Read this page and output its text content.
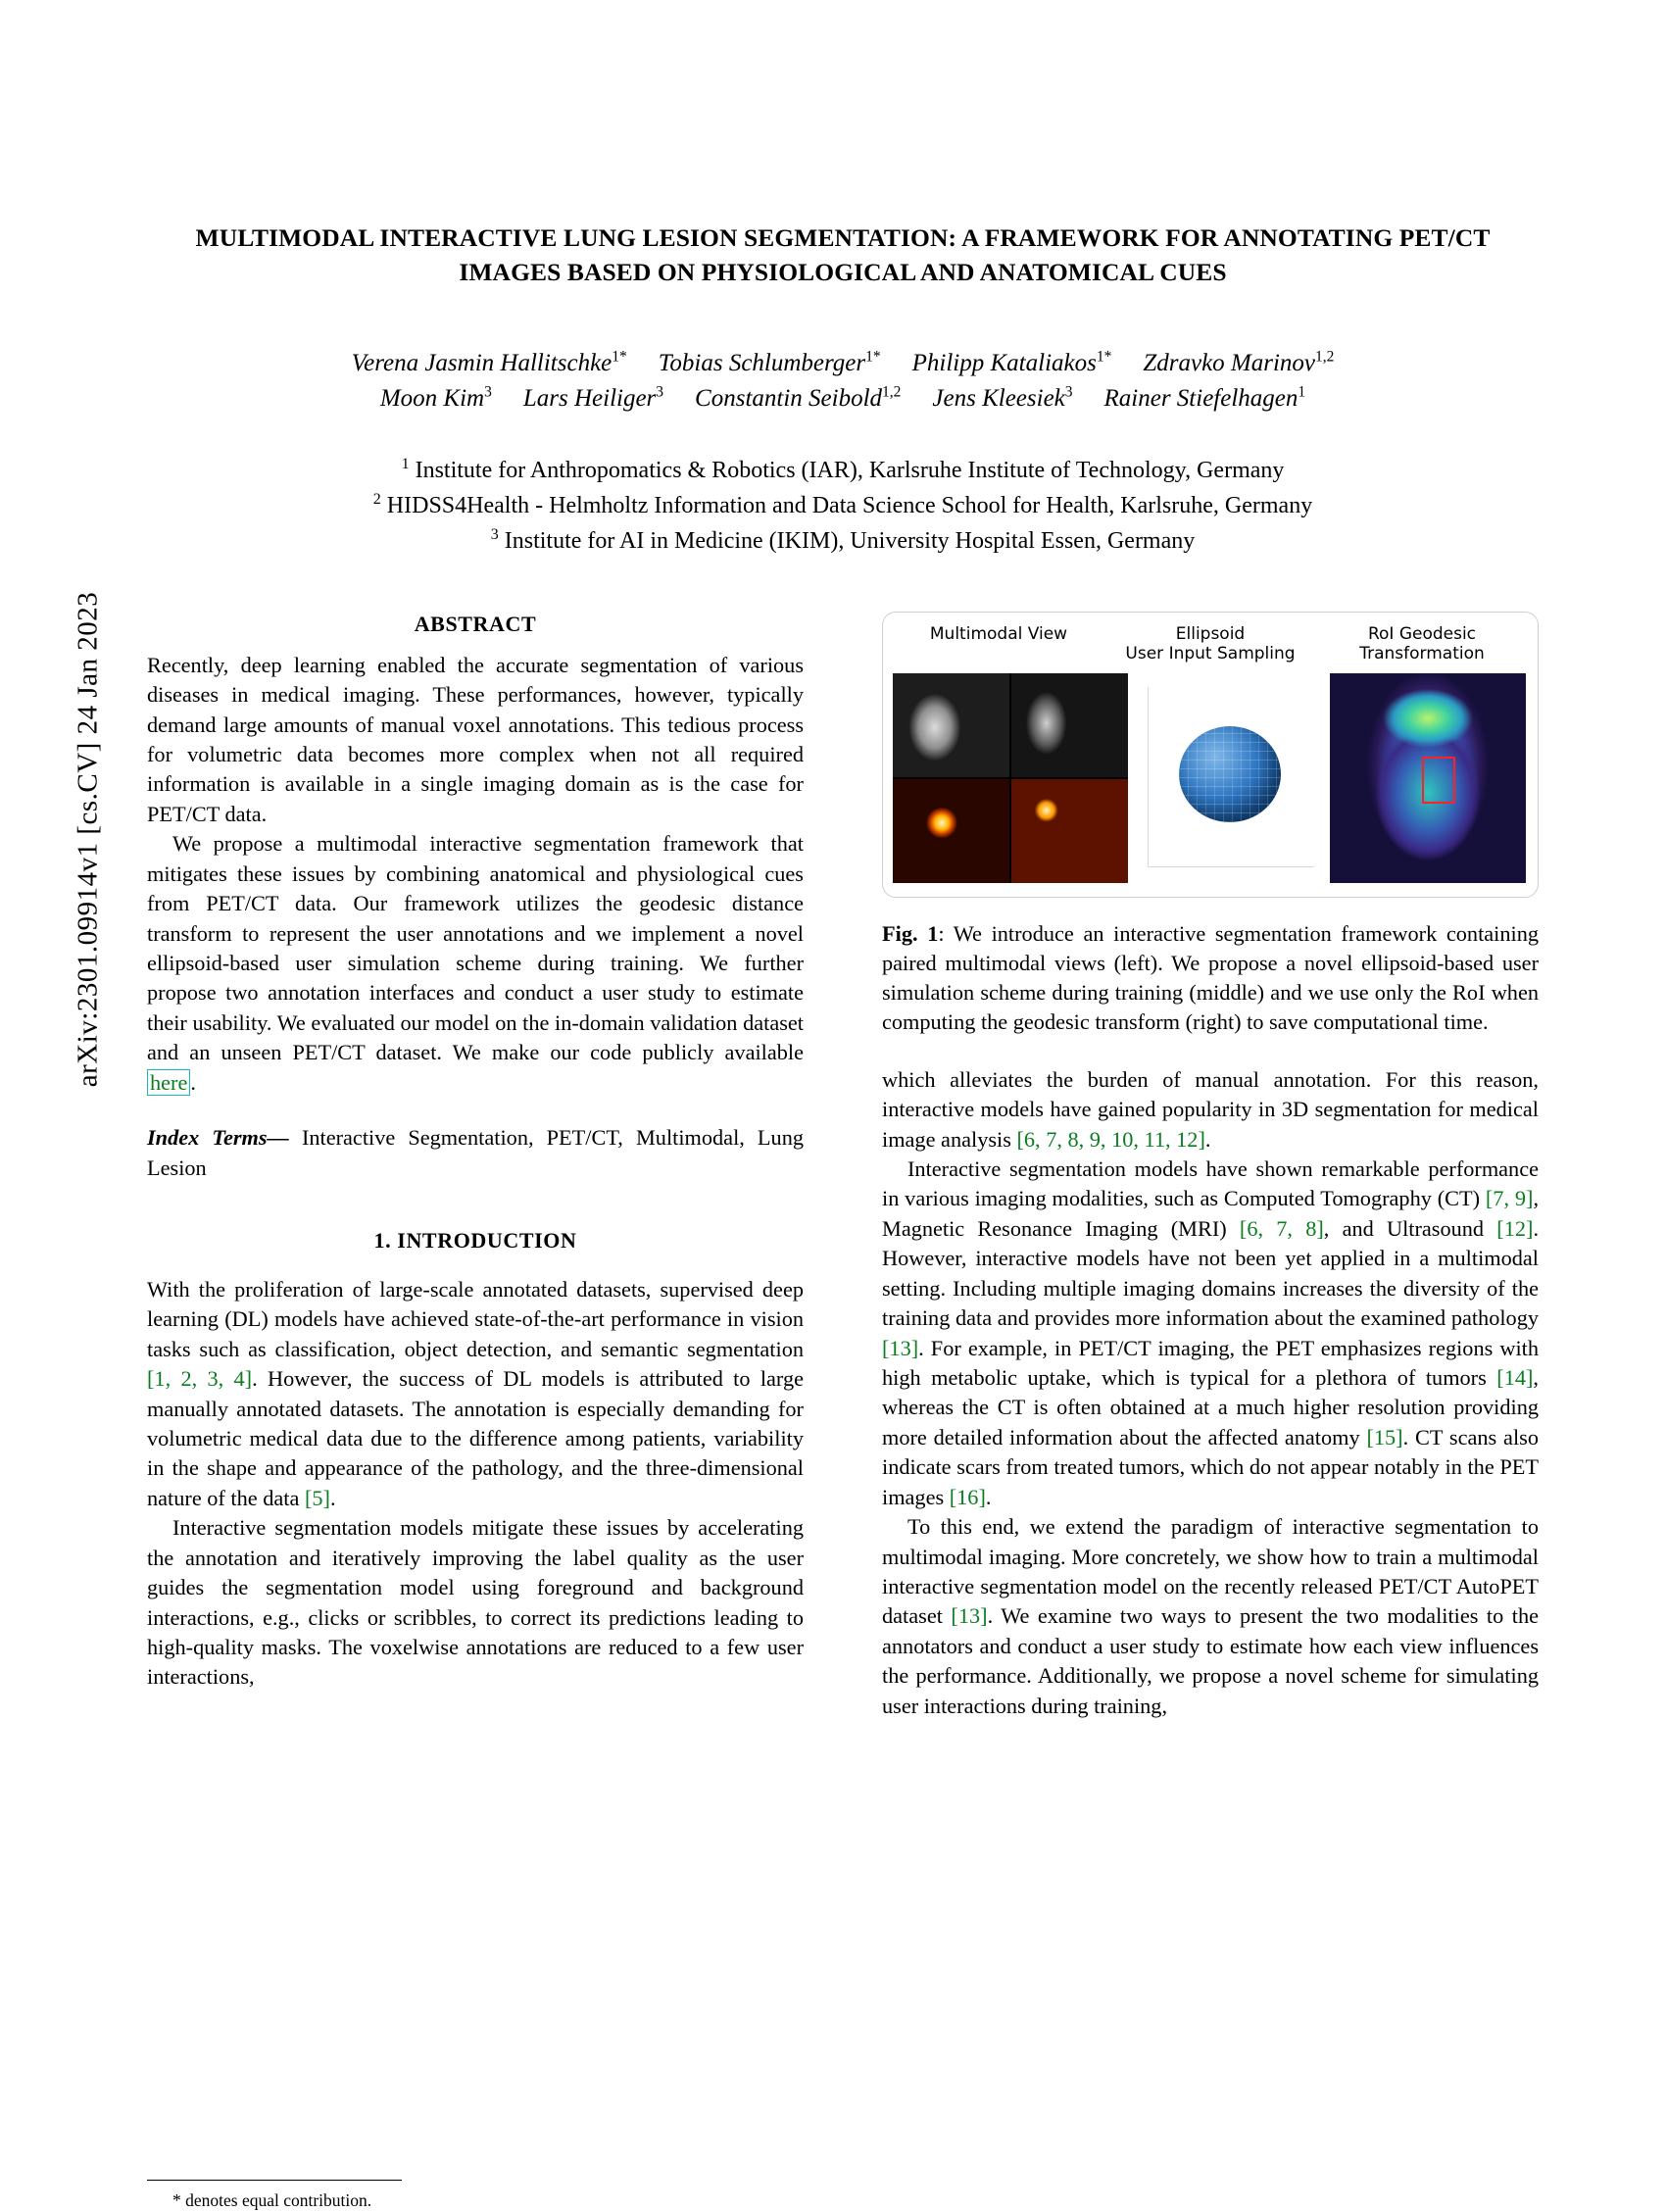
arXiv:2301.09914v1 [cs.CV] 24 Jan 2023
MULTIMODAL INTERACTIVE LUNG LESION SEGMENTATION: A FRAMEWORK FOR ANNOTATING PET/CT IMAGES BASED ON PHYSIOLOGICAL AND ANATOMICAL CUES
Verena Jasmin Hallitschke$^{1*}$ Tobias Schlumberger$^{1*}$ Philipp Kataliakos$^{1*}$ Zdravko Marinov$^{1,2}$
Moon Kim$^3$ Lars Heiliger$^3$ Constantin Seibold$^{1,2}$ Jens Kleesiek$^3$ Rainer Stiefelhagen$^1$
$^1$ Institute for Anthropomatics & Robotics (IAR), Karlsruhe Institute of Technology, Germany
$^2$ HIDSS4Health - Helmholtz Information and Data Science School for Health, Karlsruhe, Germany
$^3$ Institute for AI in Medicine (IKIM), University Hospital Essen, Germany
ABSTRACT

Recently, deep learning enabled the accurate segmentation of various diseases in medical imaging. These performances, however, typically demand large amounts of manual voxel annotations. This tedious process for volumetric data becomes more complex when not all required information is available in a single imaging domain as is the case for PET/CT data.

We propose a multimodal interactive segmentation framework that mitigates these issues by combining anatomical and physiological cues from PET/CT data. Our framework utilizes the geodesic distance transform to represent the user annotations and we implement a novel ellipsoid-based user simulation scheme during training. We further propose two annotation interfaces and conduct a user study to estimate their usability. We evaluated our model on the in-domain validation dataset and an unseen PET/CT dataset. We make our code publicly available here .

Index Terms— Interactive Segmentation, PET/CT, Multimodal, Lung Lesion

1. INTRODUCTION

With the proliferation of large-scale annotated datasets, supervised deep learning (DL) models have achieved state-of-the-art performance in vision tasks such as classification, object detection, and semantic segmentation [1, 2, 3, 4]. However, the success of DL models is attributed to large manually annotated datasets. The annotation is especially demanding for volumetric medical data due to the difference among patients, variability in the shape and appearance of the pathology, and the three-dimensional nature of the data [5].

Interactive segmentation models mitigate these issues by accelerating the annotation and iteratively improving the label quality as the user guides the segmentation model using foreground and background interactions, e.g., clicks or scribbles, to correct its predictions leading to high-quality masks. The voxelwise annotations are reduced to a few user interactions,

* denotes equal contribution.
Multimodal View	Ellipsoid
User Input Sampling
RoI Geodesic
Transformation

Fig. 1: We introduce an interactive segmentation framework containing paired multimodal views (left). We propose a novel ellipsoid-based user simulation scheme during training (middle) and we use only the RoI when computing the geodesic transform (right) to save computational time.

which alleviates the burden of manual annotation. For this reason, interactive models have gained popularity in 3D segmentation for medical image analysis [6, 7, 8, 9, 10, 11, 12].

Interactive segmentation models have shown remarkable performance in various imaging modalities, such as Computed Tomography (CT) [7, 9], Magnetic Resonance Imaging (MRI) [6, 7, 8], and Ultrasound [12]. However, interactive models have not been yet applied in a multimodal setting. Including multiple imaging domains increases the diversity of the training data and provides more information about the examined pathology [13]. For example, in PET/CT imaging, the PET emphasizes regions with high metabolic uptake, which is typical for a plethora of tumors [14], whereas the CT is often obtained at a much higher resolution providing more detailed information about the affected anatomy [15]. CT scans also indicate scars from treated tumors, which do not appear notably in the PET images [16].

To this end, we extend the paradigm of interactive segmentation to multimodal imaging. More concretely, we show how to train a multimodal interactive segmentation model on the recently released PET/CT AutoPET dataset [13]. We examine two ways to present the two modalities to the annotators and conduct a user study to estimate how each view influences the performance. Additionally, we propose a novel scheme for simulating user interactions during training,
